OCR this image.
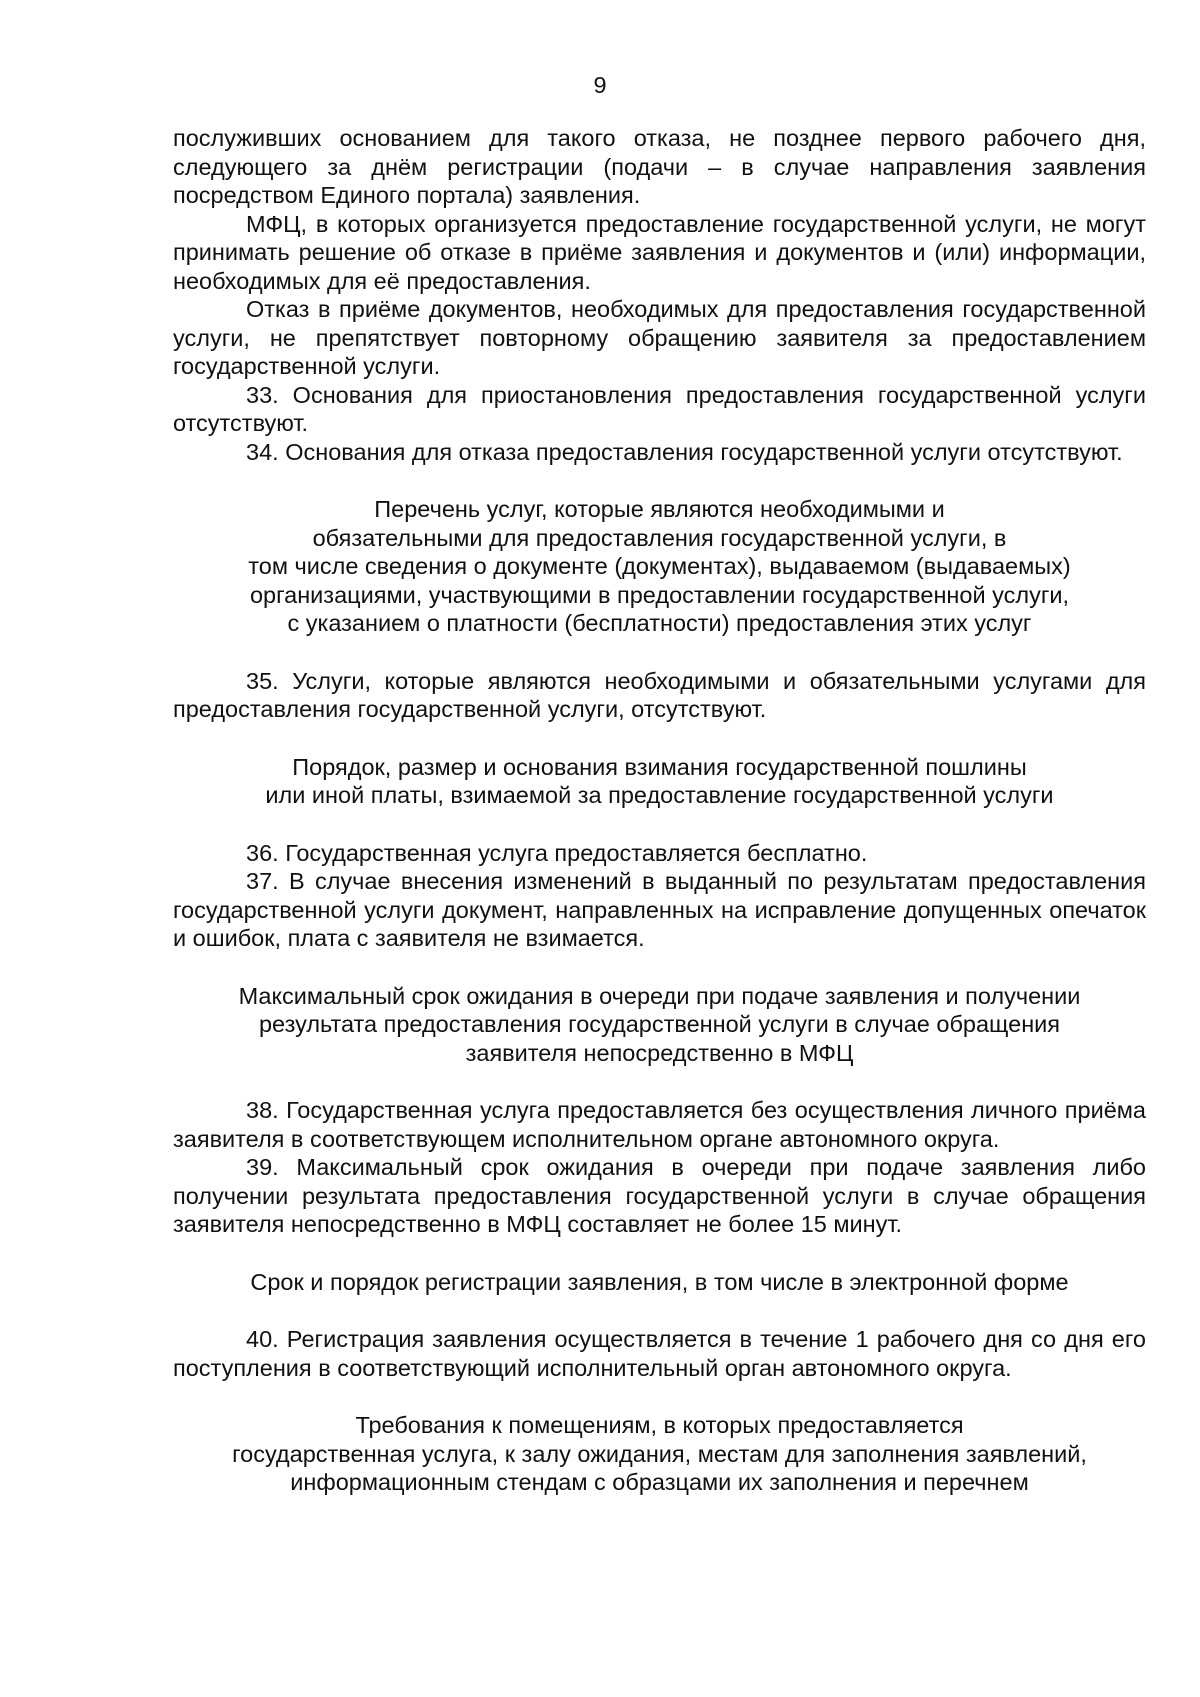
9

послуживших основанием для такого отказа, не позднее первого рабочего дня, следующего за днём регистрации (подачи – в случае направления заявления посредством Единого портала) заявления.

МФЦ, в которых организуется предоставление государственной услуги, не могут принимать решение об отказе в приёме заявления и документов и (или) информации, необходимых для её предоставления.

Отказ в приёме документов, необходимых для предоставления государственной услуги, не препятствует повторному обращению заявителя за предоставлением государственной услуги.

33. Основания для приостановления предоставления государственной услуги отсутствуют.

34. Основания для отказа предоставления государственной услуги отсутствуют.

Перечень услуг, которые являются необходимыми и
обязательными для предоставления государственной услуги, в
том числе сведения о документе (документах), выдаваемом (выдаваемых)
организациями, участвующими в предоставлении государственной услуги,
с указанием о платности (бесплатности) предоставления этих услуг

35. Услуги, которые являются необходимыми и обязательными услугами для предоставления государственной услуги, отсутствуют.

Порядок, размер и основания взимания государственной пошлины
или иной платы, взимаемой за предоставление государственной услуги

36. Государственная услуга предоставляется бесплатно.

37. В случае внесения изменений в выданный по результатам предоставления государственной услуги документ, направленных на исправление допущенных опечаток и ошибок, плата с заявителя не взимается.

Максимальный срок ожидания в очереди при подаче заявления и получении
результата предоставления государственной услуги в случае обращения
заявителя непосредственно в МФЦ

38. Государственная услуга предоставляется без осуществления личного приёма заявителя в соответствующем исполнительном органе автономного округа.

39. Максимальный срок ожидания в очереди при подаче заявления либо получении результата предоставления государственной услуги в случае обращения заявителя непосредственно в МФЦ составляет не более 15 минут.

Срок и порядок регистрации заявления, в том числе в электронной форме

40. Регистрация заявления осуществляется в течение 1 рабочего дня со дня его поступления в соответствующий исполнительный орган автономного округа.

Требования к помещениям, в которых предоставляется
государственная услуга, к залу ожидания, местам для заполнения заявлений,
информационным стендам с образцами их заполнения и перечнем
